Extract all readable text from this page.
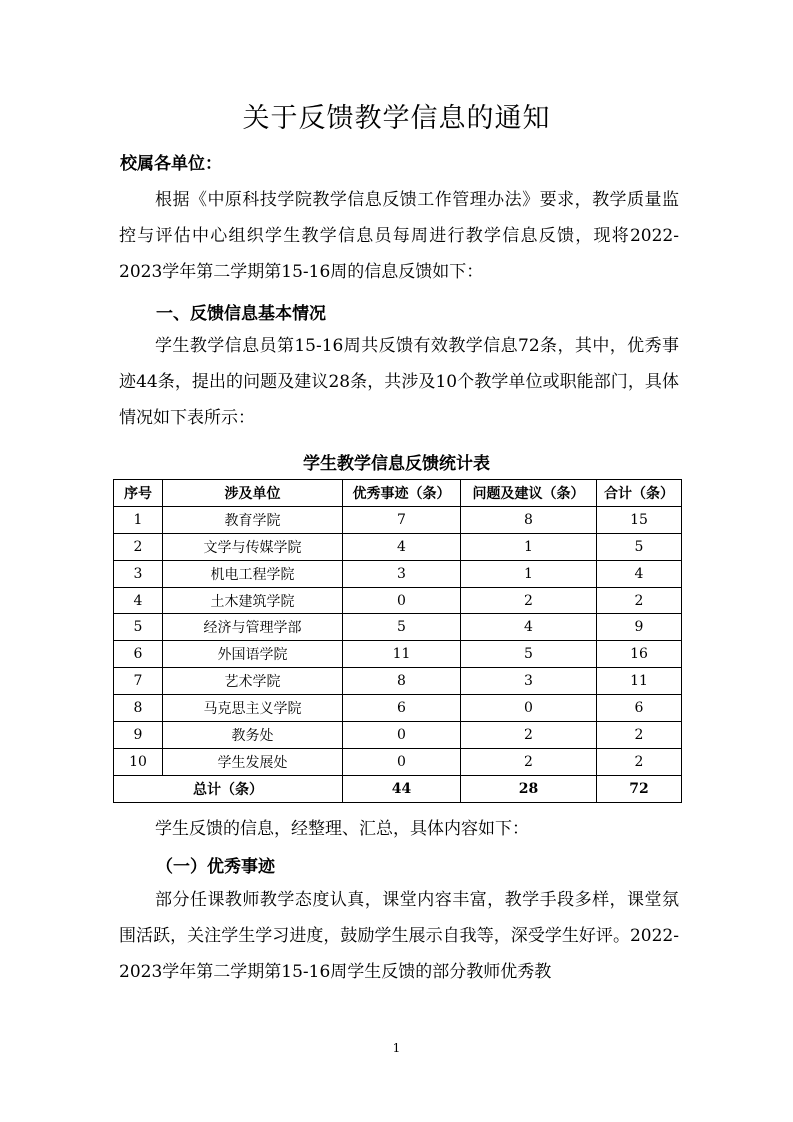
关于反馈教学信息的通知
校属各单位：

根据《中原科技学院教学信息反馈工作管理办法》要求，教学质量监控与评估中心组织学生教学信息员每周进行教学信息反馈，现将2022-2023学年第二学期第15-16周的信息反馈如下：

一、反馈信息基本情况

学生教学信息员第15-16周共反馈有效教学信息72条，其中，优秀事迹44条，提出的问题及建议28条，共涉及10个教学单位或职能部门，具体情况如下表所示：

学生教学信息反馈统计表
序号	涉及单位	优秀事迹（条）	问题及建议（条）	合计（条）
1	教育学院	7	8	15
2	文学与传媒学院	4	1	5
3	机电工程学院	3	1	4
4	土木建筑学院	0	2	2
5	经济与管理学部	5	4	9
6	外国语学院	11	5	16
7	艺术学院	8	3	11
8	马克思主义学院	6	0	6
9	教务处	0	2	2
10	学生发展处	0	2	2
总计（条）		44	28	72

学生反馈的信息，经整理、汇总，具体内容如下：

（一）优秀事迹

部分任课教师教学态度认真，课堂内容丰富，教学手段多样，课堂氛围活跃，关注学生学习进度，鼓励学生展示自我等，深受学生好评。2022-2023学年第二学期第15-16周学生反馈的部分教师优秀教

1
